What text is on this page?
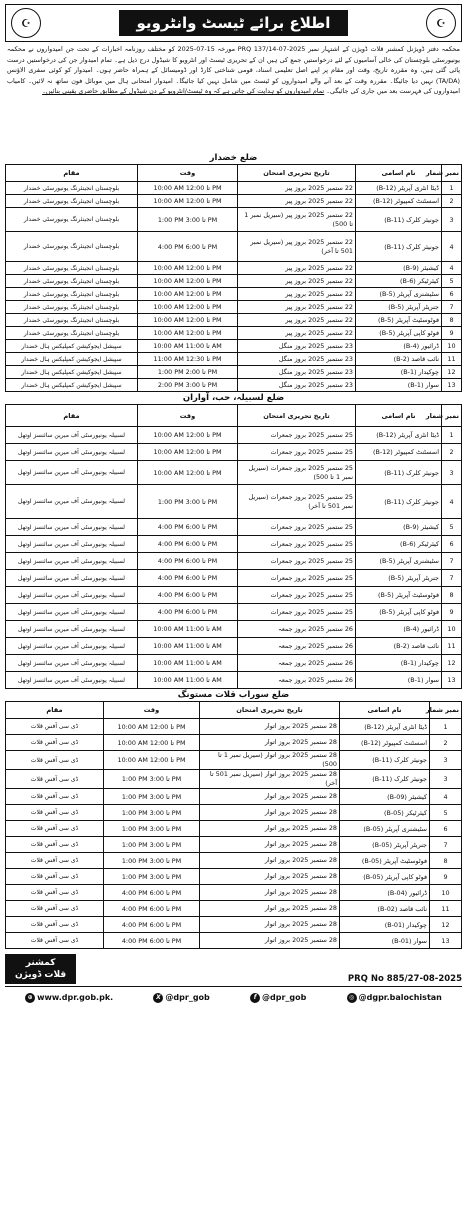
☪	اطلاع برائے ٹیسٹ وانٹرویو	☪
محکمہ دفتر ڈویژنل کمشنر قلات ڈویژن کے اشتہار نمبر PRQ 137/14-07-2025 مورخہ 15-07-2025 کو مختلف روزنامہ اخبارات کے تحت جن امیدواروں نے محکمہ یونیورسٹی بلوچستان کی خالی آسامیوں کے لئے درخواستیں جمع کی ہیں ان کے تحریری ٹیسٹ اور انٹرویو کا شیڈول درج ذیل ہے۔ تمام امیدوار جن کی درخواستیں درست پائی گئی ہیں، وہ مقررہ تاریخ، وقت اور مقام پر اپنے اصل تعلیمی اسناد، قومی شناختی کارڈ اور ڈومیسائل کے ہمراہ حاضر ہوں۔ امیدوار کو کوئی سفری الاؤنس (TA/DA) نہیں دیا جائیگا۔ مقررہ وقت کے بعد آنے والے امیدواروں کو ٹیسٹ میں شامل نہیں کیا جائیگا۔ امیدوار امتحانی ہال میں موبائل فون ساتھ نہ لائیں۔ کامیاب امیدواروں کی فہرست بعد میں جاری کی جائیگی۔ تمام امیدواروں کو ہدایت کی جاتی ہے کہ وہ ٹیسٹ/انٹرویو کے دن شیڈول کے مطابق حاضری یقینی بنائیں۔
ضلع خضدار
نمبر شمار	نام اسامی	تاریخ تحریری امتحان	وقت	مقام
1	ڈیٹا انٹری آپریٹر (B-12)	22 ستمبر 2025 بروز پیر	10:00 AM تا 12:00 PM	بلوچستان انجینئرنگ یونیورسٹی خضدار
2	اسسٹنٹ کمپیوٹر (B-12)	22 ستمبر 2025 بروز پیر	10:00 AM تا 12:00 PM	بلوچستان انجینئرنگ یونیورسٹی خضدار
3	جونیئر کلرک (B-11)	22 ستمبر 2025 بروز پیر (سیریل نمبر 1 تا 500)	1:00 PM تا 3:00 PM	بلوچستان انجینئرنگ یونیورسٹی خضدار
4	جونیئر کلرک (B-11)	22 ستمبر 2025 بروز پیر (سیریل نمبر 501 تا آخر)	4:00 PM تا 6:00 PM	بلوچستان انجینئرنگ یونیورسٹی خضدار
4	کیشیئر (B-9)	22 ستمبر 2025 بروز پیر	10:00 AM تا 12:00 PM	بلوچستان انجینئرنگ یونیورسٹی خضدار
5	کیئرٹیکر (B-6)	22 ستمبر 2025 بروز پیر	10:00 AM تا 12:00 PM	بلوچستان انجینئرنگ یونیورسٹی خضدار
6	سٹیشنری آپریٹر (B-5)	22 ستمبر 2025 بروز پیر	10:00 AM تا 12:00 PM	بلوچستان انجینئرنگ یونیورسٹی خضدار
7	جنریٹر آپریٹر (B-5)	22 ستمبر 2025 بروز پیر	10:00 AM تا 12:00 PM	بلوچستان انجینئرنگ یونیورسٹی خضدار
8	فوٹوسٹیٹ آپریٹر (B-5)	22 ستمبر 2025 بروز پیر	10:00 AM تا 12:00 PM	بلوچستان انجینئرنگ یونیورسٹی خضدار
9	فوٹو کاپی آپریٹر (B-5)	22 ستمبر 2025 بروز پیر	10:00 AM تا 12:00 PM	بلوچستان انجینئرنگ یونیورسٹی خضدار
10	ڈرائیور (B-4)	23 ستمبر 2025 بروز منگل	10:00 AM تا 11:00 AM	سپیشل ایجوکیشن کمپلیکس ہال خضدار
11	نائب قاصد (B-2)	23 ستمبر 2025 بروز منگل	11:00 AM تا 12:30 PM	سپیشل ایجوکیشن کمپلیکس ہال خضدار
12	چوکیدار (B-1)	23 ستمبر 2025 بروز منگل	1:00 PM تا 2:00 PM	سپیشل ایجوکیشن کمپلیکس ہال خضدار
13	سوار (B-1)	23 ستمبر 2025 بروز منگل	2:00 PM تا 3:00 PM	سپیشل ایجوکیشن کمپلیکس ہال خضدار
ضلع لسبیلہ، حب، آواران
نمبر شمار	نام اسامی	تاریخ تحریری امتحان	وقت	مقام
1	ڈیٹا انٹری آپریٹر (B-12)	25 ستمبر 2025 بروز جمعرات	10:00 AM تا 12:00 PM	لسبیلہ یونیورسٹی آف میرین سائنسز اوتھل
2	اسسٹنٹ کمپیوٹر (B-12)	25 ستمبر 2025 بروز جمعرات	10:00 AM تا 12:00 PM	لسبیلہ یونیورسٹی آف میرین سائنسز اوتھل
3	جونیئر کلرک (B-11)	25 ستمبر 2025 بروز جمعرات (سیریل نمبر 1 تا 500)	10:00 AM تا 12:00 PM	لسبیلہ یونیورسٹی آف میرین سائنسز اوتھل
4	جونیئر کلرک (B-11)	25 ستمبر 2025 بروز جمعرات (سیریل نمبر 501 تا آخر)	1:00 PM تا 3:00 PM	لسبیلہ یونیورسٹی آف میرین سائنسز اوتھل
5	کیشیئر (B-9)	25 ستمبر 2025 بروز جمعرات	4:00 PM تا 6:00 PM	لسبیلہ یونیورسٹی آف میرین سائنسز اوتھل
6	کیئرٹیکر (B-6)	25 ستمبر 2025 بروز جمعرات	4:00 PM تا 6:00 PM	لسبیلہ یونیورسٹی آف میرین سائنسز اوتھل
7	سٹیشنری آپریٹر (B-5)	25 ستمبر 2025 بروز جمعرات	4:00 PM تا 6:00 PM	لسبیلہ یونیورسٹی آف میرین سائنسز اوتھل
7	جنریٹر آپریٹر (B-5)	25 ستمبر 2025 بروز جمعرات	4:00 PM تا 6:00 PM	لسبیلہ یونیورسٹی آف میرین سائنسز اوتھل
8	فوٹوسٹیٹ آپریٹر (B-5)	25 ستمبر 2025 بروز جمعرات	4:00 PM تا 6:00 PM	لسبیلہ یونیورسٹی آف میرین سائنسز اوتھل
9	فوٹو کاپی آپریٹر (B-5)	25 ستمبر 2025 بروز جمعرات	4:00 PM تا 6:00 PM	لسبیلہ یونیورسٹی آف میرین سائنسز اوتھل
10	ڈرائیور (B-4)	26 ستمبر 2025 بروز جمعہ	10:00 AM تا 11:00 AM	لسبیلہ یونیورسٹی آف میرین سائنسز اوتھل
11	نائب قاصد (B-2)	26 ستمبر 2025 بروز جمعہ	10:00 AM تا 11:00 AM	لسبیلہ یونیورسٹی آف میرین سائنسز اوتھل
12	چوکیدار (B-1)	26 ستمبر 2025 بروز جمعہ	10:00 AM تا 11:00 AM	لسبیلہ یونیورسٹی آف میرین سائنسز اوتھل
13	سوار (B-1)	26 ستمبر 2025 بروز جمعہ	10:00 AM تا 11:00 AM	لسبیلہ یونیورسٹی آف میرین سائنسز اوتھل
ضلع سوراب قلات مستونگ
نمبر شمار	نام اسامی	تاریخ تحریری امتحان	وقت	مقام
1	ڈیٹا انٹری آپریٹر (B-12)	28 ستمبر 2025 بروز اتوار	10:00 AM تا 12:00 PM	ڈی سی آفس قلات
2	اسسٹنٹ کمپیوٹر (B-12)	28 ستمبر 2025 بروز اتوار	10:00 AM تا 12:00 PM	ڈی سی آفس قلات
3	جونیئر کلرک (B-11)	28 ستمبر 2025 بروز اتوار (سیریل نمبر 1 تا 500)	10:00 AM تا 12:00 PM	ڈی سی آفس قلات
3	جونیئر کلرک (B-11)	28 ستمبر 2025 بروز اتوار (سیریل نمبر 501 تا آخر)	1:00 PM تا 3:00 PM	ڈی سی آفس قلات
4	کیشیئر (B-09)	28 ستمبر 2025 بروز اتوار	1:00 PM تا 3:00 PM	ڈی سی آفس قلات
5	کیئرٹیکر (B-05)	28 ستمبر 2025 بروز اتوار	1:00 PM تا 3:00 PM	ڈی سی آفس قلات
6	سٹیشنری آپریٹر (B-05)	28 ستمبر 2025 بروز اتوار	1:00 PM تا 3:00 PM	ڈی سی آفس قلات
7	جنریٹر آپریٹر (B-05)	28 ستمبر 2025 بروز اتوار	1:00 PM تا 3:00 PM	ڈی سی آفس قلات
8	فوٹوسٹیٹ آپریٹر (B-05)	28 ستمبر 2025 بروز اتوار	1:00 PM تا 3:00 PM	ڈی سی آفس قلات
9	فوٹو کاپی آپریٹر (B-05)	28 ستمبر 2025 بروز اتوار	1:00 PM تا 3:00 PM	ڈی سی آفس قلات
10	ڈرائیور (B-04)	28 ستمبر 2025 بروز اتوار	4:00 PM تا 6:00 PM	ڈی سی آفس قلات
11	نائب قاصد (B-02)	28 ستمبر 2025 بروز اتوار	4:00 PM تا 6:00 PM	ڈی سی آفس قلات
12	چوکیدار (B-01)	28 ستمبر 2025 بروز اتوار	4:00 PM تا 6:00 PM	ڈی سی آفس قلات
13	سوار (B-01)	28 ستمبر 2025 بروز اتوار	4:00 PM تا 6:00 PM	ڈی سی آفس قلات
کمشنر
قلات ڈویژن	PRQ No 885/27-08-2025
⊕ www.dpr.gob.pk.	X @dpr_gob	f @dpr_gob	◎ @dgpr.balochistan
